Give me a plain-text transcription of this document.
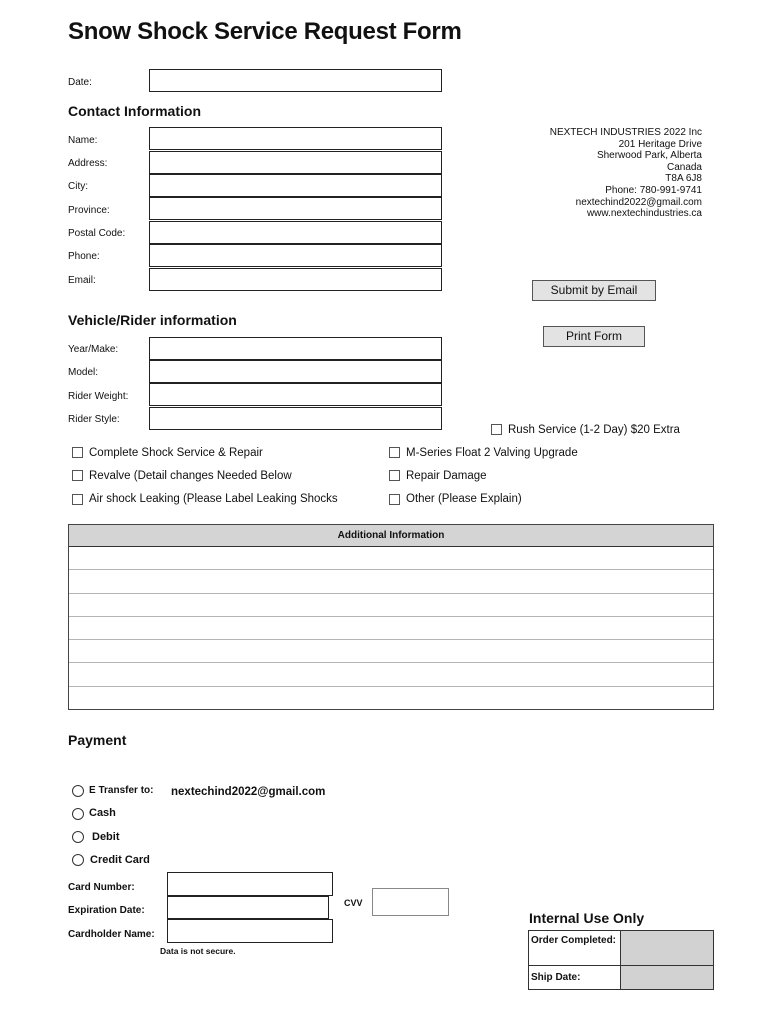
Snow Shock Service Request Form
Date:
Contact Information
Name:
Address:
City:
Province:
Postal Code:
Phone:
Email:
NEXTECH INDUSTRIES 2022 Inc
201 Heritage Drive
Sherwood Park, Alberta
Canada
T8A 6J8
Phone: 780-991-9741
nextechind2022@gmail.com
www.nextechindustries.ca
Submit by Email
Print Form
Vehicle/Rider information
Year/Make:
Model:
Rider Weight:
Rider Style:
Rush Service (1-2 Day) $20 Extra
Complete Shock Service & Repair
Revalve (Detail changes Needed Below
Air shock Leaking (Please Label Leaking Shocks
M-Series Float 2 Valving Upgrade
Repair Damage
Other (Please Explain)
Additional Information
Payment
E Transfer to: nextechind2022@gmail.com
Cash
Debit
Credit Card
Card Number:
Expiration Date:
Cardholder Name:
Data is not secure.
CVV
Internal Use Only
Order Completed:
Ship Date:
